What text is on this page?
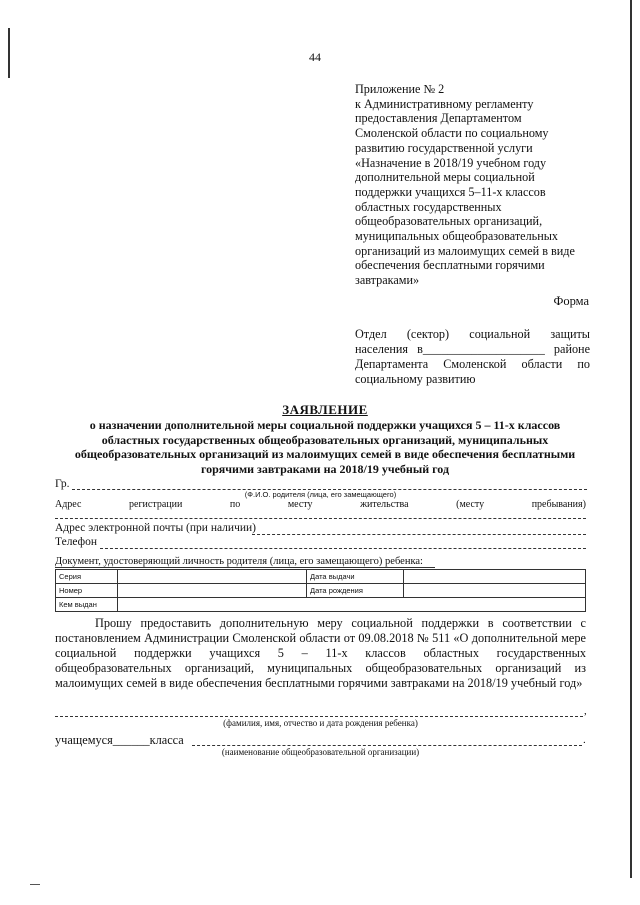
44
Приложение № 2
к Административному регламенту
предоставления Департаментом
Смоленской области по социальному
развитию государственной услуги
«Назначение в 2018/19 учебном году
дополнительной меры социальной
поддержки учащихся 5–11-х классов
областных государственных
общеобразовательных организаций,
муниципальных общеобразовательных
организаций из малоимущих семей в виде
обеспечения бесплатными горячими
завтраками»
Форма
Отдел (сектор) социальной защиты
населения в____________________ районе
Департамента Смоленской области по
социальному развитию
ЗАЯВЛЕНИЕ
о назначении дополнительной меры социальной поддержки учащихся 5 – 11-х классов
областных государственных общеобразовательных организаций, муниципальных
общеобразовательных организаций из малоимущих семей в виде обеспечения бесплатными
горячими завтраками на 2018/19 учебный год
Гр.
(Ф.И.О. родителя (лица, его замещающего)
Адрес	регистрации	по	месту	жительства	(месту	пребывания)
Адрес электронной почты (при наличии)
Телефон
Документ, удостоверяющий личность родителя (лица, его замещающего) ребенка:
Серия		Дата выдачи	
Номер		Дата рождения	
Кем выдан			
Прошу предоставить дополнительную меру социальной поддержки в соответствии с постановлением Администрации Смоленской области от 09.08.2018 № 511 «О дополнительной мере социальной поддержки учащихся 5 – 11-х классов областных государственных общеобразовательных организаций, муниципальных общеобразовательных организаций из малоимущих семей в виде обеспечения бесплатными горячими завтраками на 2018/19 учебный год»
,
(фамилия, имя, отчество и дата рождения ребенка)
учащемуся______класса	.
(наименование общеобразовательной организации)
